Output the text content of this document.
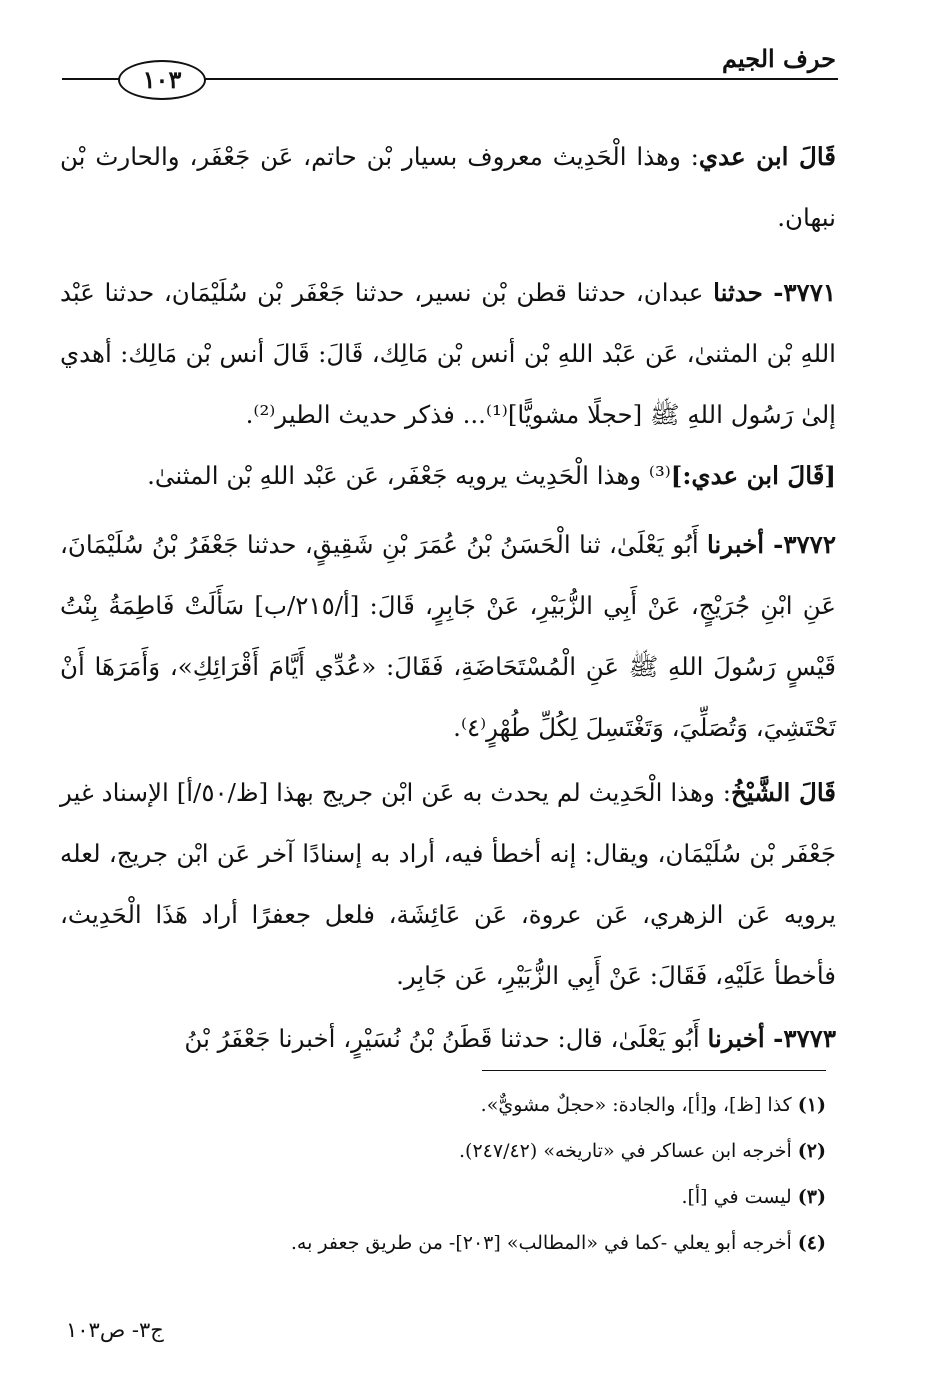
حرف الجيم
١٠٣

قَالَ ابن عدي: وهذا الْحَدِيث معروف بسيار بْن حاتم، عَن جَعْفَر، والحارث بْن نبهان.

٣٧٧١- حدثنا عبدان، حدثنا قطن بْن نسير، حدثنا جَعْفَر بْن سُلَيْمَان، حدثنا عَبْد اللهِ بْن المثنىٰ، عَن عَبْد اللهِ بْن أنس بْن مَالِك، قَالَ: قَالَ أنس بْن مَالِك: أهدي إلىٰ رَسُول اللهِ ﷺ [حجلًا مشويًّا]⁽¹⁾... فذكر حديث الطير⁽²⁾.

[قَالَ ابن عدي:]⁽³⁾ وهذا الْحَدِيث يرويه جَعْفَر، عَن عَبْد اللهِ بْن المثنىٰ.

٣٧٧٢- أخبرنا أَبُو يَعْلَىٰ، ثنا الْحَسَنُ بْنُ عُمَرَ بْنِ شَقِيقٍ، حدثنا جَعْفَرُ بْنُ سُلَيْمَانَ، عَنِ ابْنِ جُرَيْجٍ، عَنْ أَبِي الزُّبَيْرِ، عَنْ جَابِرٍ، قَالَ: [أ/٢١٥/ب] سَأَلَتْ فَاطِمَةُ بِنْتُ قَيْسٍ رَسُولَ اللهِ ﷺ عَنِ الْمُسْتَحَاضَةِ، فَقَالَ: «عُدِّي أَيَّامَ أَقْرَائِكِ»، وَأَمَرَهَا أَنْ تَحْتَشِيَ، وَتُصَلِّيَ، وَتَغْتَسِلَ لِكُلِّ طُهْرٍ⁽٤⁾.

قَالَ الشَّيْخُ: وهذا الْحَدِيث لم يحدث به عَن ابْن جريج بهذا [ظ/٥٠/أ] الإسناد غير جَعْفَر بْن سُلَيْمَان، ويقال: إنه أخطأ فيه، أراد به إسنادًا آخر عَن ابْن جريج، لعله يرويه عَن الزهري، عَن عروة، عَن عَائِشَة، فلعل جعفرًا أراد هَذَا الْحَدِيث، فأخطأ عَلَيْهِ، فَقَالَ: عَنْ أَبِي الزُّبَيْرِ، عَن جَابِر.

٣٧٧٣- أخبرنا أَبُو يَعْلَىٰ، قال: حدثنا قَطَنُ بْنُ نُسَيْرٍ، أخبرنا جَعْفَرُ بْنُ

(١) كذا [ظ]، و[أ]، والجادة: «حجلٌ مشويٌّ».

(٢) أخرجه ابن عساكر في «تاريخه» (٢٤٧/٤٢).

(٣) ليست في [أ].

(٤) أخرجه أبو يعلي -كما في «المطالب» [٢٠٣]- من طريق جعفر به.

ج٣- ص١٠٣
